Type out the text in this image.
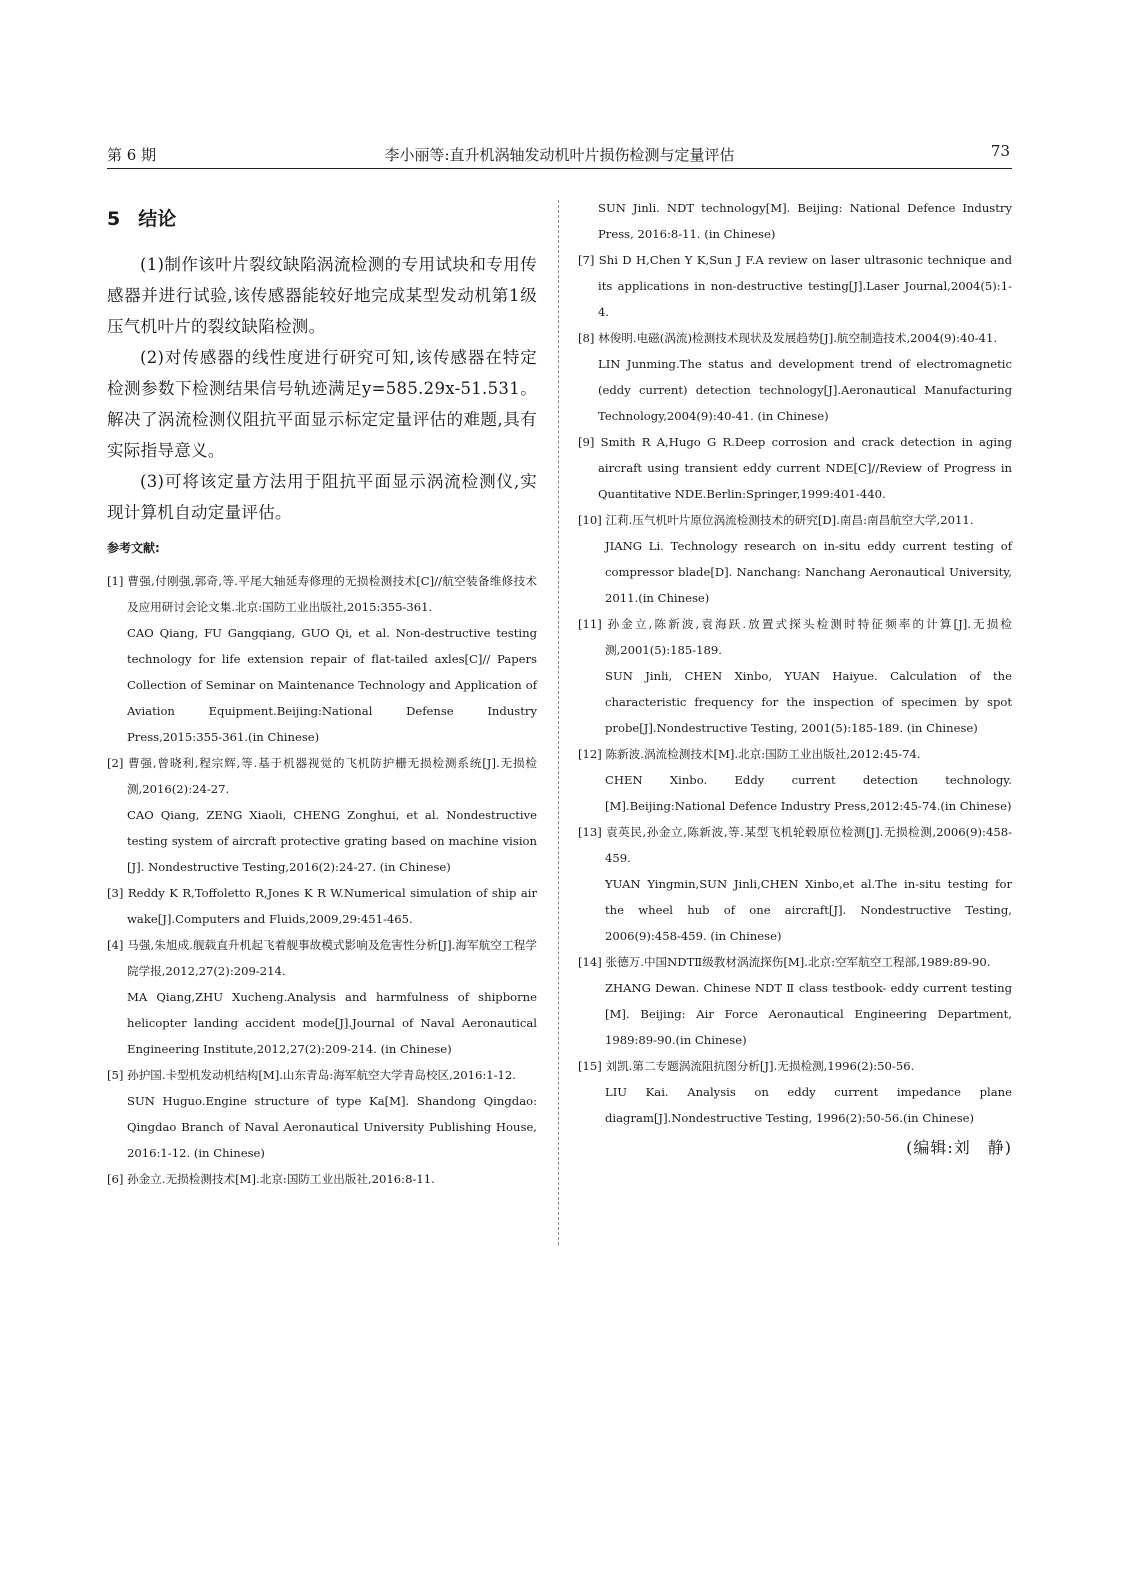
第 6 期	李小丽等:直升机涡轴发动机叶片损伤检测与定量评估	73
5 结论

(1)制作该叶片裂纹缺陷涡流检测的专用试块和专用传感器并进行试验,该传感器能较好地完成某型发动机第1级压气机叶片的裂纹缺陷检测。

(2)对传感器的线性度进行研究可知,该传感器在特定检测参数下检测结果信号轨迹满足y=585.29x-51.531。解决了涡流检测仪阻抗平面显示标定定量评估的难题,具有实际指导意义。

(3)可将该定量方法用于阻抗平面显示涡流检测仪,实现计算机自动定量评估。

参考文献:

[1] 曹强,付刚强,郭奇,等.平尾大轴延寿修理的无损检测技术[C]//航空装备维修技术及应用研讨会论文集.北京:国防工业出版社,2015:355-361.
CAO Qiang, FU Gangqiang, GUO Qi, et al. Non-destructive testing technology for life extension repair of flat-tailed axles[C]// Papers Collection of Seminar on Maintenance Technology and Application of Aviation Equipment.Beijing:National Defense Industry Press,2015:355-361.(in Chinese)

[2] 曹强,曾晓利,程宗辉,等.基于机器视觉的飞机防护栅无损检测系统[J].无损检测,2016(2):24-27.
CAO Qiang, ZENG Xiaoli, CHENG Zonghui, et al. Nondestructive testing system of aircraft protective grating based on machine vision [J]. Nondestructive Testing,2016(2):24-27. (in Chinese)

[3] Reddy K R,Toffoletto R,Jones K R W.Numerical simulation of ship air wake[J].Computers and Fluids,2009,29:451-465.

[4] 马强,朱旭成.舰载直升机起飞着舰事故模式影响及危害性分析[J].海军航空工程学院学报,2012,27(2):209-214.
MA Qiang,ZHU Xucheng.Analysis and harmfulness of shipborne helicopter landing accident mode[J].Journal of Naval Aeronautical Engineering Institute,2012,27(2):209-214. (in Chinese)

[5] 孙护国.卡型机发动机结构[M].山东青岛:海军航空大学青岛校区,2016:1-12.
SUN Huguo.Engine structure of type Ka[M]. Shandong Qingdao: Qingdao Branch of Naval Aeronautical University Publishing House, 2016:1-12. (in Chinese)

[6] 孙金立.无损检测技术[M].北京:国防工业出版社,2016:8-11.

SUN Jinli. NDT technology[M]. Beijing: National Defence Industry Press, 2016:8-11. (in Chinese)

[7] Shi D H,Chen Y K,Sun J F.A review on laser ultrasonic technique and its applications in non-destructive testing[J].Laser Journal,2004(5):1-4.

[8] 林俊明.电磁(涡流)检测技术现状及发展趋势[J].航空制造技术,2004(9):40-41.
LIN Junming.The status and development trend of electromagnetic (eddy current) detection technology[J].Aeronautical Manufacturing Technology,2004(9):40-41. (in Chinese)

[9] Smith R A,Hugo G R.Deep corrosion and crack detection in aging aircraft using transient eddy current NDE[C]//Review of Progress in Quantitative NDE.Berlin:Springer,1999:401-440.

[10] 江莉.压气机叶片原位涡流检测技术的研究[D].南昌:南昌航空大学,2011.
JIANG Li. Technology research on in-situ eddy current testing of compressor blade[D]. Nanchang: Nanchang Aeronautical University, 2011.(in Chinese)

[11] 孙金立,陈新波,袁海跃.放置式探头检测时特征频率的计算[J].无损检测,2001(5):185-189.
SUN Jinli, CHEN Xinbo, YUAN Haiyue. Calculation of the characteristic frequency for the inspection of specimen by spot probe[J].Nondestructive Testing, 2001(5):185-189. (in Chinese)

[12] 陈新波.涡流检测技术[M].北京:国防工业出版社,2012:45-74.
CHEN Xinbo. Eddy current detection technology. [M].Beijing:National Defence Industry Press,2012:45-74.(in Chinese)

[13] 袁英民,孙金立,陈新波,等.某型飞机轮毂原位检测[J].无损检测,2006(9):458-459.
YUAN Yingmin,SUN Jinli,CHEN Xinbo,et al.The in-situ testing for the wheel hub of one aircraft[J]. Nondestructive Testing, 2006(9):458-459. (in Chinese)

[14] 张德万.中国NDTⅡ级教材涡流探伤[M].北京:空军航空工程部,1989:89-90.
ZHANG Dewan. Chinese NDT Ⅱ class testbook- eddy current testing [M]. Beijing: Air Force Aeronautical Engineering Department, 1989:89-90.(in Chinese)

[15] 刘凯.第二专题涡流阻抗图分析[J].无损检测,1996(2):50-56.
LIU Kai. Analysis on eddy current impedance plane diagram[J].Nondestructive Testing, 1996(2):50-56.(in Chinese)

(编辑:刘　静)
